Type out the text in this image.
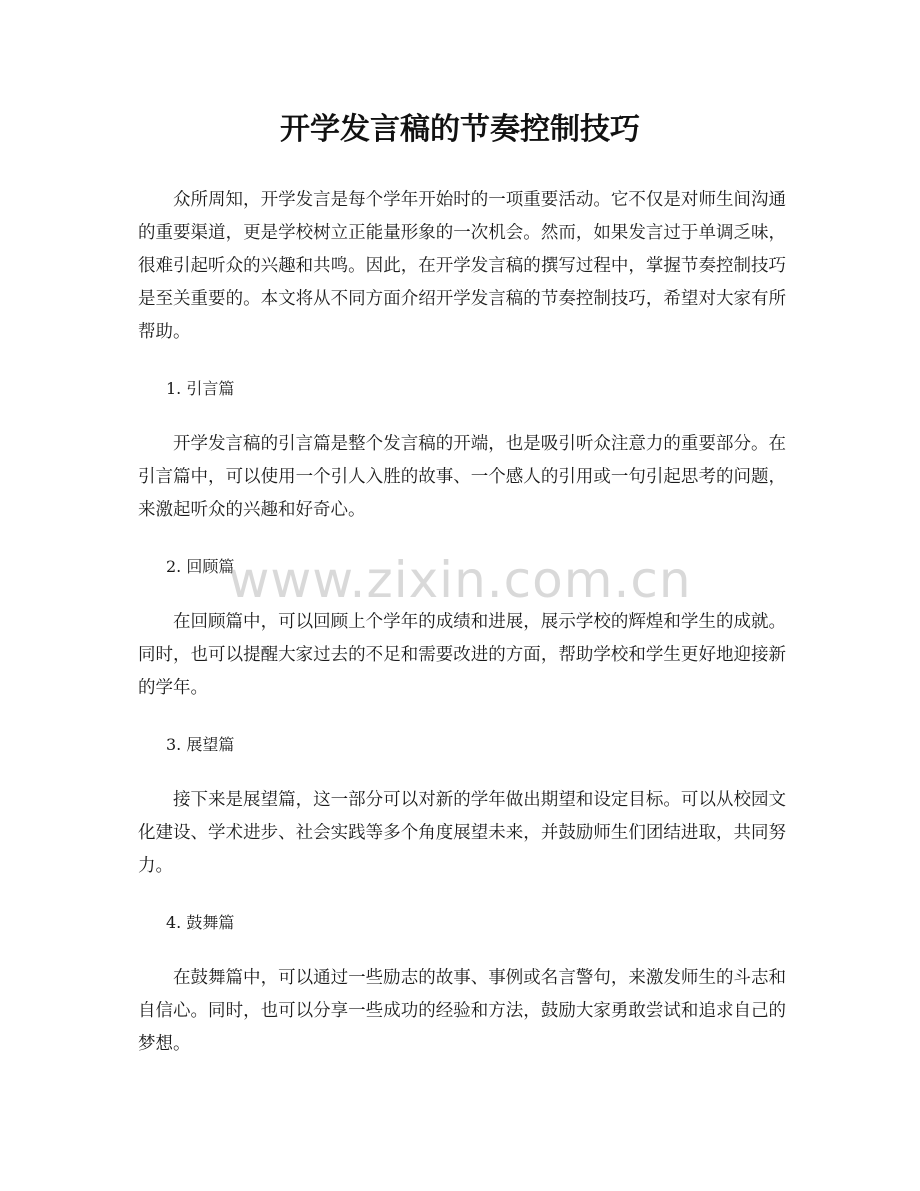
开学发言稿的节奏控制技巧

众所周知，开学发言是每个学年开始时的一项重要活动。它不仅是对师生间沟通的重要渠道，更是学校树立正能量形象的一次机会。然而，如果发言过于单调乏味，很难引起听众的兴趣和共鸣。因此，在开学发言稿的撰写过程中，掌握节奏控制技巧是至关重要的。本文将从不同方面介绍开学发言稿的节奏控制技巧，希望对大家有所帮助。

1. 引言篇

开学发言稿的引言篇是整个发言稿的开端，也是吸引听众注意力的重要部分。在引言篇中，可以使用一个引人入胜的故事、一个感人的引用或一句引起思考的问题，来激起听众的兴趣和好奇心。

2. 回顾篇

在回顾篇中，可以回顾上个学年的成绩和进展，展示学校的辉煌和学生的成就。同时，也可以提醒大家过去的不足和需要改进的方面，帮助学校和学生更好地迎接新的学年。

3. 展望篇

接下来是展望篇，这一部分可以对新的学年做出期望和设定目标。可以从校园文化建设、学术进步、社会实践等多个角度展望未来，并鼓励师生们团结进取，共同努力。

4. 鼓舞篇

在鼓舞篇中，可以通过一些励志的故事、事例或名言警句，来激发师生的斗志和自信心。同时，也可以分享一些成功的经验和方法，鼓励大家勇敢尝试和追求自己的梦想。

www.zixin.com.cn
